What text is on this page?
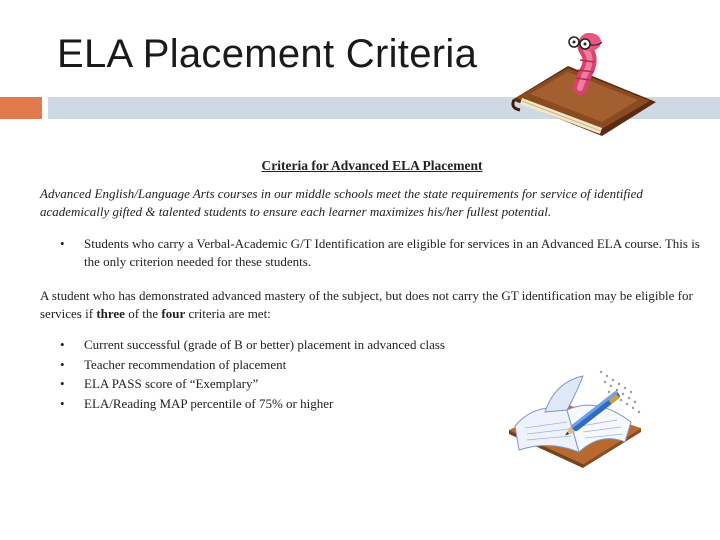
ELA Placement Criteria
Criteria for Advanced ELA Placement

Advanced English/Language Arts courses in our middle schools meet the state requirements for service of identified academically gifted & talented students to ensure each learner maximizes his/her fullest potential.

• Students who carry a Verbal-Academic G/T Identification are eligible for services in an Advanced ELA course. This is the only criterion needed for these students.

A student who has demonstrated advanced mastery of the subject, but does not carry the GT identification may be eligible for services if three of the four criteria are met:

• Current successful (grade of B or better) placement in advanced class
• Teacher recommendation of placement
• ELA PASS score of “Exemplary”
• ELA/Reading MAP percentile of 75% or higher
